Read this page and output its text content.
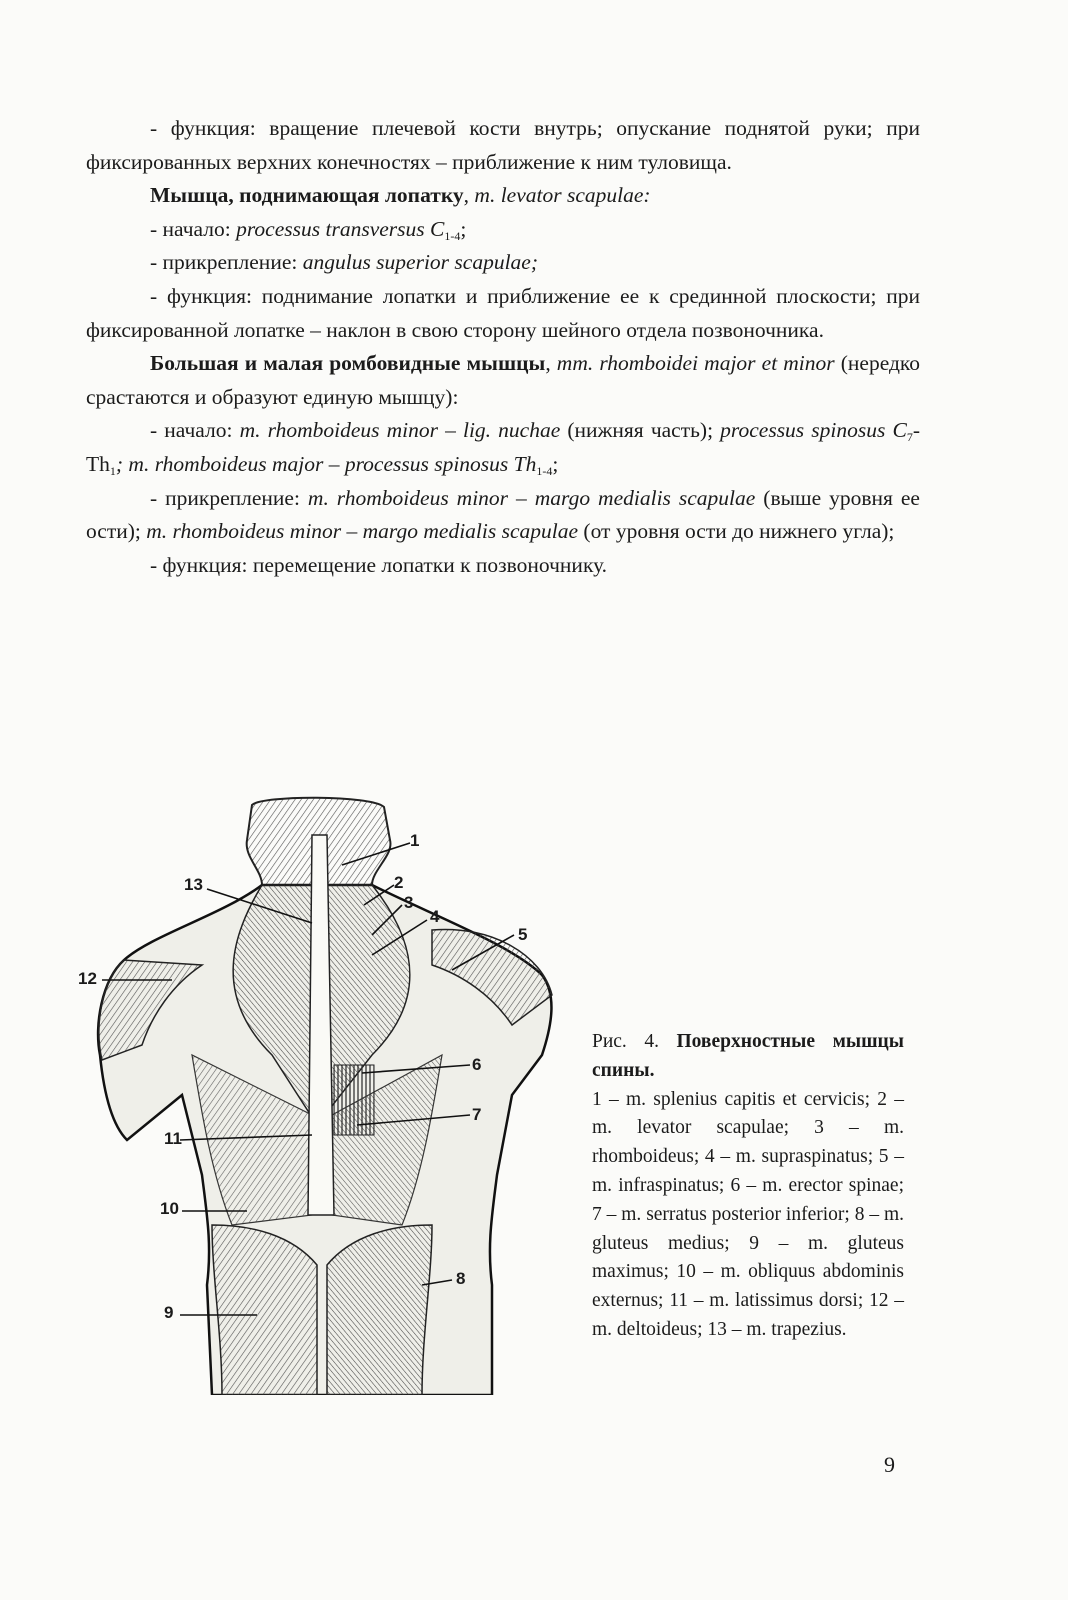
- функция: вращение плечевой кости внутрь; опускание поднятой руки; при фиксированных верхних конечностях – приближение к ним туловища.

Мышца, поднимающая лопатку, m. levator scapulae:

- начало: processus transversus $C_{1-4}$;

- прикрепление: angulus superior scapulae;

- функция: поднимание лопатки и приближение ее к срединной плоскости; при фиксированной лопатке – наклон в свою сторону шейного отдела позвоночника.

Большая и малая ромбовидные мышцы, mm. rhomboidei major et minor (нередко срастаются и образуют единую мышцу):

- начало: m. rhomboideus minor – lig. nuchae (нижняя часть); processus spinosus $C_7-Th_1$; m. rhomboideus major – processus spinosus $Th_{1-4}$;

- прикрепление: m. rhomboideus minor – margo medialis scapulae (выше уровня ее ости); m. rhomboideus minor – margo medialis scapulae (от уровня ости до нижнего угла);

- функция: перемещение лопатки к позвоночнику.

1
2
3
4
5
6
7
8
9
10
11
12
13

Рис. 4. Поверхностные мышцы спины.

1 – m. splenius capitis et cervicis; 2 – m. levator scapulae; 3 – m. rhomboideus; 4 – m. supraspinatus; 5 – m. infraspinatus; 6 – m. erector spinae; 7 – m. serratus posterior inferior; 8 – m. gluteus medius; 9 – m. gluteus maximus; 10 – m. obliquus abdominis externus; 11 – m. latissimus dorsi; 12 – m. deltoideus; 13 – m. trapezius.

9
